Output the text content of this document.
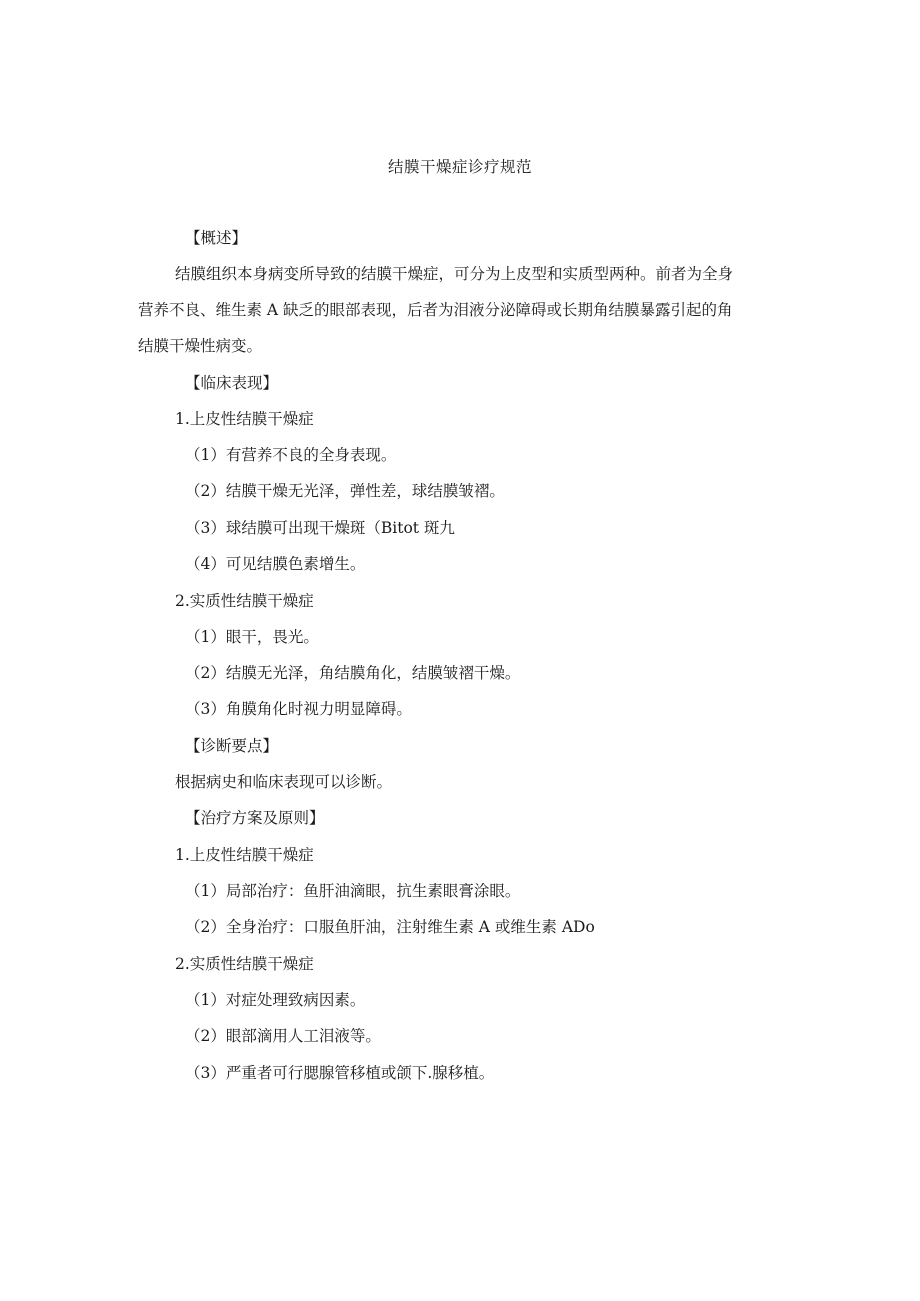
结膜干燥症诊疗规范
【概述】
结膜组织本身病变所导致的结膜干燥症，可分为上皮型和实质型两种。前者为全身
营养不良、维生素 A 缺乏的眼部表现，后者为泪液分泌障碍或长期角结膜暴露引起的角
结膜干燥性病变。
【临床表现】
1.上皮性结膜干燥症
（1）有营养不良的全身表现。
（2）结膜干燥无光泽，弹性差，球结膜皱褶。
（3）球结膜可出现干燥斑（Bitot 斑九
（4）可见结膜色素增生。
2.实质性结膜干燥症
（1）眼干，畏光。
（2）结膜无光泽，角结膜角化，结膜皱褶干燥。
（3）角膜角化时视力明显障碍。
【诊断要点】
根据病史和临床表现可以诊断。
【治疗方案及原则】
1.上皮性结膜干燥症
（1）局部治疗：鱼肝油滴眼，抗生素眼膏涂眼。
（2）全身治疗：口服鱼肝油，注射维生素 A 或维生素 ADo
2.实质性结膜干燥症
（1）对症处理致病因素。
（2）眼部滴用人工泪液等。
（3）严重者可行腮腺管移植或颌下.腺移植。
